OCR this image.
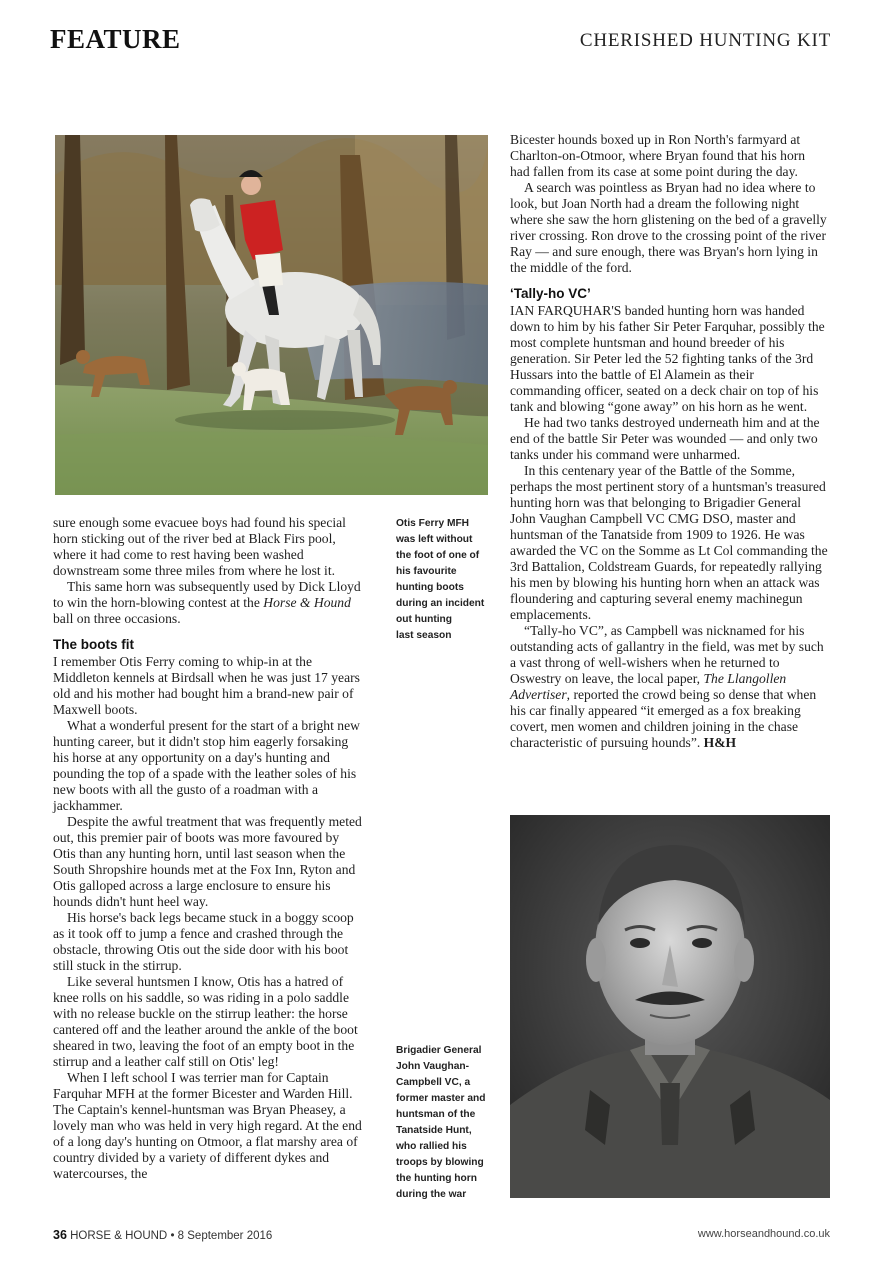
FEATURE	CHERISHED HUNTING KIT

sure enough some evacuee boys had found his special horn sticking out of the river bed at Black Firs pool, where it had come to rest having been washed downstream some three miles from where he lost it.

This same horn was subsequently used by Dick Lloyd to win the horn-blowing contest at the Horse & Hound ball on three occasions.

The boots fit

I remember Otis Ferry coming to whip-in at the Middleton kennels at Birdsall when he was just 17 years old and his mother had bought him a brand-new pair of Maxwell boots.

What a wonderful present for the start of a bright new hunting career, but it didn't stop him eagerly forsaking his horse at any opportunity on a day's hunting and pounding the top of a spade with the leather soles of his new boots with all the gusto of a roadman with a jackhammer.

Despite the awful treatment that was frequently meted out, this premier pair of boots was more favoured by Otis than any hunting horn, until last season when the South Shropshire hounds met at the Fox Inn, Ryton and Otis galloped across a large enclosure to ensure his hounds didn't hunt heel way.

His horse's back legs became stuck in a boggy scoop as it took off to jump a fence and crashed through the obstacle, throwing Otis out the side door with his boot still stuck in the stirrup.

Like several huntsmen I know, Otis has a hatred of knee rolls on his saddle, so was riding in a polo saddle with no release buckle on the stirrup leather: the horse cantered off and the leather around the ankle of the boot sheared in two, leaving the foot of an empty boot in the stirrup and a leather calf still on Otis' leg!

When I left school I was terrier man for Captain Farquhar MFH at the former Bicester and Warden Hill. The Captain's kennel-huntsman was Bryan Pheasey, a lovely man who was held in very high regard. At the end of a long day's hunting on Otmoor, a flat marshy area of country divided by a variety of different dykes and watercourses, the

Otis Ferry MFH
was left without
the foot of one of
his favourite
hunting boots
during an incident
out hunting
last season
Brigadier General
John Vaughan-
Campbell VC, a
former master and
huntsman of the
Tanatside Hunt,
who rallied his
troops by blowing
the hunting horn
during the war

Bicester hounds boxed up in Ron North's farmyard at Charlton-on-Otmoor, where Bryan found that his horn had fallen from its case at some point during the day.

A search was pointless as Bryan had no idea where to look, but Joan North had a dream the following night where she saw the horn glistening on the bed of a gravelly river crossing. Ron drove to the crossing point of the river Ray — and sure enough, there was Bryan's horn lying in the middle of the ford.

‘Tally-ho VC’

IAN FARQUHAR'S banded hunting horn was handed down to him by his father Sir Peter Farquhar, possibly the most complete huntsman and hound breeder of his generation. Sir Peter led the 52 fighting tanks of the 3rd Hussars into the battle of El Alamein as their commanding officer, seated on a deck chair on top of his tank and blowing “gone away” on his horn as he went.

He had two tanks destroyed underneath him and at the end of the battle Sir Peter was wounded — and only two tanks under his command were unharmed.

In this centenary year of the Battle of the Somme, perhaps the most pertinent story of a huntsman's treasured hunting horn was that belonging to Brigadier General John Vaughan Campbell VC CMG DSO, master and huntsman of the Tanatside from 1909 to 1926. He was awarded the VC on the Somme as Lt Col commanding the 3rd Battalion, Coldstream Guards, for repeatedly rallying his men by blowing his hunting horn when an attack was floundering and capturing several enemy machinegun emplacements.

“Tally-ho VC”, as Campbell was nicknamed for his outstanding acts of gallantry in the field, was met by such a vast throng of well-wishers when he returned to Oswestry on leave, the local paper, The Llangollen Advertiser, reported the crowd being so dense that when his car finally appeared “it emerged as a fox breaking covert, men women and children joining in the chase characteristic of pursuing hounds”. H&H

36 HORSE & HOUND • 8 September 2016	www.horseandhound.co.uk
